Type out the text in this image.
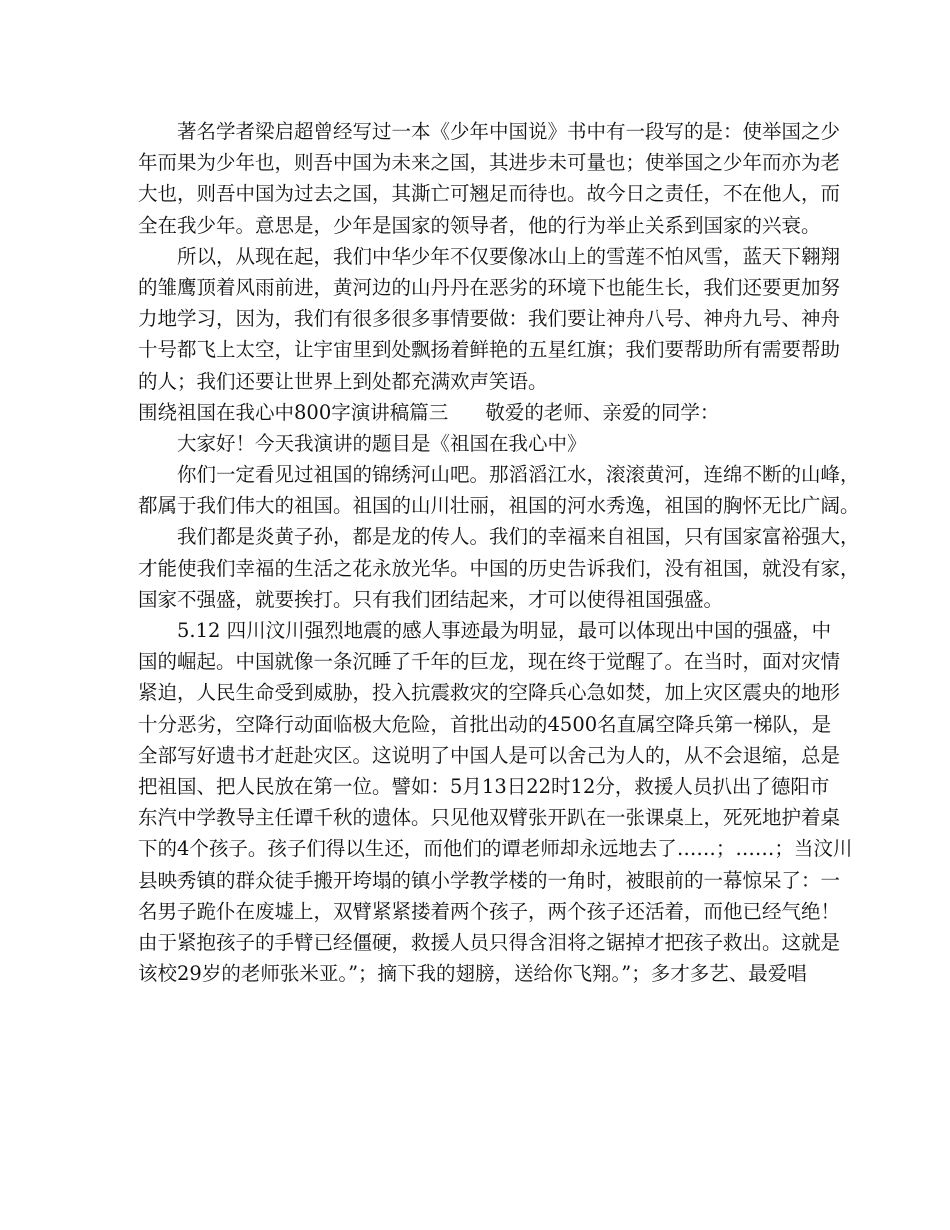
著名学者梁启超曾经写过一本《少年中国说》书中有一段写的是：使举国之少
年而果为少年也，则吾中国为未来之国，其进步未可量也；使举国之少年而亦为老
大也，则吾中国为过去之国，其澌亡可翘足而待也。故今日之责任，不在他人，而
全在我少年。意思是，少年是国家的领导者，他的行为举止关系到国家的兴衰。
所以，从现在起，我们中华少年不仅要像冰山上的雪莲不怕风雪，蓝天下翱翔
的雏鹰顶着风雨前进，黄河边的山丹丹在恶劣的环境下也能生长，我们还要更加努
力地学习，因为，我们有很多很多事情要做：我们要让神舟八号、神舟九号、神舟
十号都飞上太空，让宇宙里到处飘扬着鲜艳的五星红旗；我们要帮助所有需要帮助
的人；我们还要让世界上到处都充满欢声笑语。
围绕祖国在我心中800字演讲稿篇三      敬爱的老师、亲爱的同学：
大家好！今天我演讲的题目是《祖国在我心中》
你们一定看见过祖国的锦绣河山吧。那滔滔江水，滚滚黄河，连绵不断的山峰，
都属于我们伟大的祖国。祖国的山川壮丽，祖国的河水秀逸，祖国的胸怀无比广阔。
我们都是炎黄子孙，都是龙的传人。我们的幸福来自祖国，只有国家富裕强大，
才能使我们幸福的生活之花永放光华。中国的历史告诉我们，没有祖国，就没有家，
国家不强盛，就要挨打。只有我们团结起来，才可以使得祖国强盛。
5.12 四川汶川强烈地震的感人事迹最为明显，最可以体现出中国的强盛，中
国的崛起。中国就像一条沉睡了千年的巨龙，现在终于觉醒了。在当时，面对灾情
紧迫，人民生命受到威胁，投入抗震救灾的空降兵心急如焚，加上灾区震央的地形
十分恶劣，空降行动面临极大危险，首批出动的4500名直属空降兵第一梯队，是
全部写好遗书才赶赴灾区。这说明了中国人是可以舍己为人的，从不会退缩，总是
把祖国、把人民放在第一位。譬如：5月13日22时12分，救援人员扒出了德阳市
东汽中学教导主任谭千秋的遗体。只见他双臂张开趴在一张课桌上，死死地护着桌
下的4个孩子。孩子们得以生还，而他们的谭老师却永远地去了……；……；当汶川
县映秀镇的群众徒手搬开垮塌的镇小学教学楼的一角时，被眼前的一幕惊呆了：一
名男子跪仆在废墟上，双臂紧紧搂着两个孩子，两个孩子还活着，而他已经气绝！
由于紧抱孩子的手臂已经僵硬，救援人员只得含泪将之锯掉才把孩子救出。这就是
该校29岁的老师张米亚。”；摘下我的翅膀，送给你飞翔。”；多才多艺、最爱唱
